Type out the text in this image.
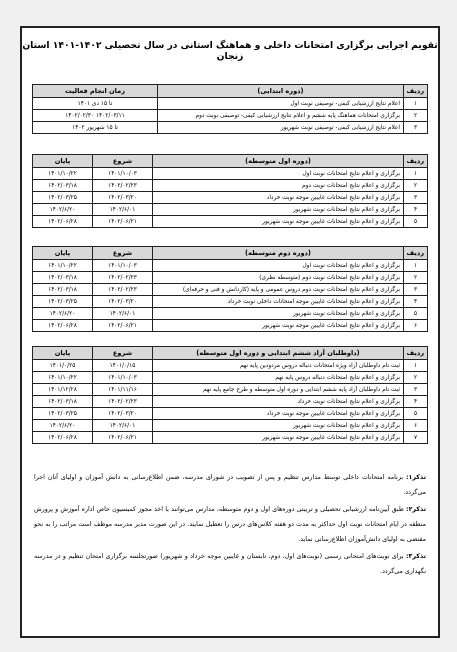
تقویم اجرایی برگزاری امتحانات داخلی و هماهنگ استانی در سال تحصیلی ۱۴۰۲-۱۴۰۱ استان زنجان
ردیف	(دوره ابتدایی)	زمان انجام فعالیت
۱	اعلام نتایج ارزشیابی کیفی- توصیفی نوبت اول	تا ۱۵ دی ۱۴۰۱
۲	برگزاری امتحانات هماهنگ پایه ششم و اعلام نتایج ارزشیابی کیفی- توصیفی نوبت دوم	۱۴۰۲/۰۳/۱۱ ۱۴۰۲/۰۲/۳۰
۳	اعلام نتایج ارزشیابی کیفی- توصیفی نوبت شهریور	تا ۱۵ شهریور ۱۴۰۲
ردیف	(دوره اول متوسطه)	شروع	پایان
۱	برگزاری و اعلام نتایج امتحانات نوبت اول	۱۴۰۱/۱۰/۰۳	۱۴۰۱/۱۰/۲۲
۲	برگزاری و اعلام نتایج امتحانات نوبت دوم	۱۴۰۲/۰۲/۲۳	۱۴۰۲/۰۳/۱۸
۳	برگزاری و اعلام نتایج امتحانات غایبین موجه نوبت خرداد	۱۴۰۲/۰۳/۲۰	۱۴۰۲/۰۳/۲۵
۴	برگزاری و اعلام نتایج امتحانات نوبت شهریور	۱۴۰۲/۶/۰۱	۱۴۰۲/۶/۲۰
۵	برگزاری و اعلام نتایج امتحانات غایبین موجه نوبت شهریور	۱۴۰۲/۰۶/۲۱	۱۴۰۲/۰۶/۲۸
ردیف	(دوره دوم متوسطه)	شروع	پایان
۱	برگزاری و اعلام نتایج امتحانات نوبت اول	۱۴۰۱/۱۰/۰۳	۱۴۰۱/۱۰/۲۲
۲	برگزاری و اعلام نتایج امتحانات نوبت دوم (متوسطه نظری)	۱۴۰۲/۰۲/۲۳	۱۴۰۲/۰۳/۱۸
۳	برگزاری و اعلام نتایج امتحانات نوبت دوم دروس عمومی و پایه (کاردانش و فنی و حرفه‌ای)	۱۴۰۲/۰۲/۲۳	۱۴۰۲/۰۳/۱۸
۴	برگزاری و اعلام نتایج امتحانات غایبین موجه امتحانات داخلی نوبت خرداد	۱۴۰۲/۰۳/۲۰	۱۴۰۲/۰۳/۲۵
۵	برگزاری و اعلام نتایج امتحانات نوبت شهریور	۱۴۰۲/۶/۰۱	۱۴۰۲/۶/۲۰
۶	برگزاری و اعلام نتایج امتحانات غایبین موجه نوبت شهریور	۱۴۰۲/۰۶/۲۱	۱۴۰۲/۰۶/۲۸
ردیف	(داوطلبان آزاد ششم ابتدایی و دوره اول متوسطه)	شروع	پایان
۱	ثبت نام داوطلبان آزاد ویژه امتحانات دنباله دروس مردودین پایه نهم	۱۴۰۱/۰/۱۵	۱۴۰۱/۰/۲۵
۲	برگزاری و اعلام نتایج امتحانات دنباله دروس پایه نهم	۱۴۰۱/۱۰/۰۳	۱۴۰۱/۱۰/۲۲
۳	ثبت نام داوطلبان آزاد پایه ششم ابتدایی و دوره اول متوسطه و طرح جامع پایه نهم	۱۴۰۱/۱۱/۱۶	۱۴۰۱/۱۲/۲۸
۴	برگزاری و اعلام نتایج امتحانات نوبت خرداد	۱۴۰۲/۰۲/۲۳	۱۴۰۲/۰۳/۱۸
۵	برگزاری و اعلام نتایج امتحانات غایبین موجه نوبت خرداد	۱۴۰۲/۰۳/۲۰	۱۴۰۲/۰۳/۲۵
۶	برگزاری و اعلام نتایج امتحانات نوبت شهریور	۱۴۰۲/۶/۰۱	۱۴۰۲/۶/۲۰
۷	برگزاری و اعلام نتایج امتحانات غایبین موجه نوبت شهریور	۱۴۰۲/۰۶/۲۱	۱۴۰۲/۰۶/۲۸
تذکر۱: برنامه امتحانات داخلی توسط مدارس تنظیم و پس از تصویب در شورای مدرسه، ضمن اطلاع‌رسانی به دانش آموزان و اولیای آنان اجرا می‌گردد.
تذکر۲: طبق آیین‌نامه ارزشیابی تحصیلی و تربیتی دوره‌های اول و دوم متوسطه، مدارس می‌توانند با اخذ مجوز کمیسیون خاص اداره آموزش و پرورش منطقه در ایام امتحانات نوبت اول حداکثر به مدت دو هفته کلاس‌های درس را تعطیل نمایند. در این صورت مدیر مدرسه موظف است مراتب را به نحو مقتضی به اولیای دانش‌آموزان اطلاع‌رسانی نماید.
تذکر۳: برای نوبت‌های امتحانی رسمی (نوبت‌های اول، دوم، تابستان و غایبین موجه خرداد و شهریور) صورتجلسه برگزاری امتحان تنظیم و در مدرسه نگهداری می‌گردد.
